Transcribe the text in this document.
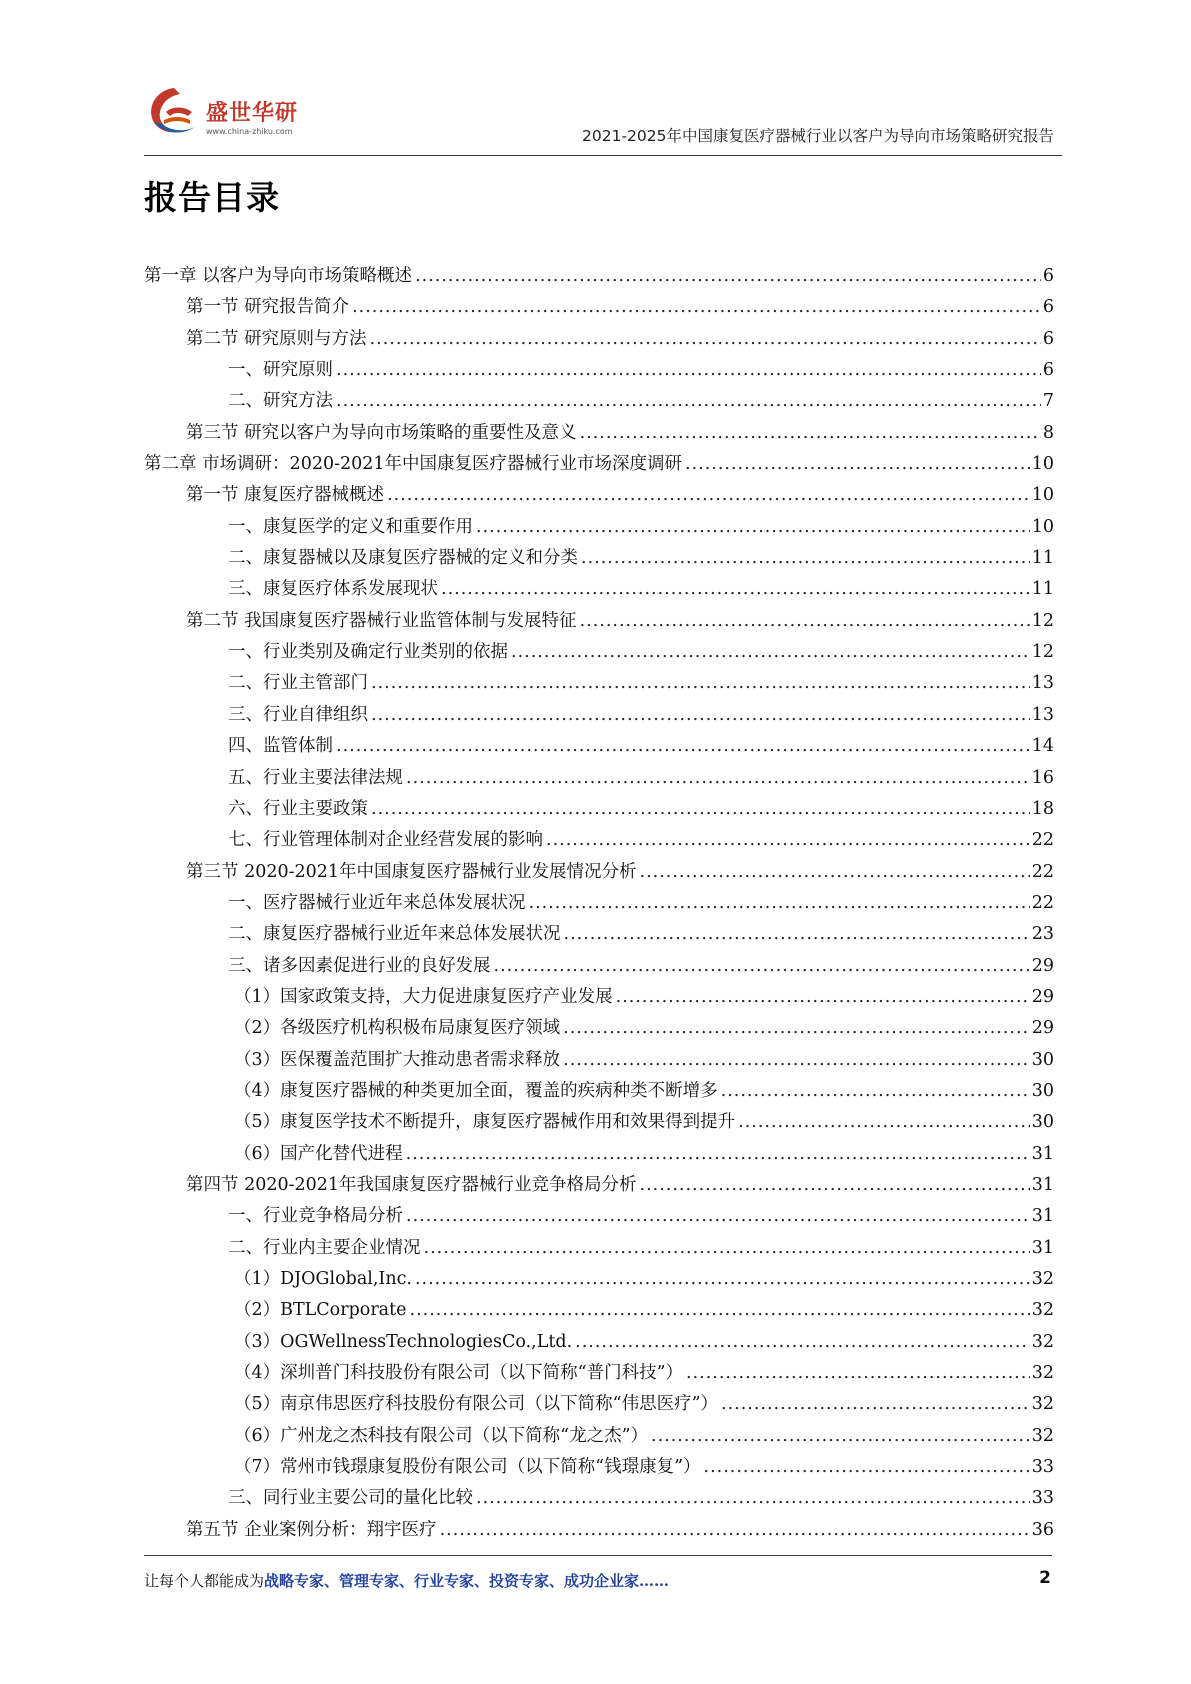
盛世华研
www.china-zhiku.com	2021-2025年中国康复医疗器械行业以客户为导向市场策略研究报告
报告目录
第一章 以客户为导向市场策略概述 .....	6
第一节 研究报告简介 .....	6
第二节 研究原则与方法 .....	6
一、研究原则 .....	6
二、研究方法 .....	7
第三节 研究以客户为导向市场策略的重要性及意义 .....	8
第二章 市场调研：2020-2021年中国康复医疗器械行业市场深度调研 .....	10
第一节 康复医疗器械概述 .....	10
一、康复医学的定义和重要作用 .....	10
二、康复器械以及康复医疗器械的定义和分类 .....	11
三、康复医疗体系发展现状 .....	11
第二节 我国康复医疗器械行业监管体制与发展特征 .....	12
一、行业类别及确定行业类别的依据 .....	12
二、行业主管部门 .....	13
三、行业自律组织 .....	13
四、监管体制 .....	14
五、行业主要法律法规 .....	16
六、行业主要政策 .....	18
七、行业管理体制对企业经营发展的影响 .....	22
第三节 2020-2021年中国康复医疗器械行业发展情况分析 .....	22
一、医疗器械行业近年来总体发展状况 .....	22
二、康复医疗器械行业近年来总体发展状况 .....	23
三、诸多因素促进行业的良好发展 .....	29
（1）国家政策支持，大力促进康复医疗产业发展 .....	29
（2）各级医疗机构积极布局康复医疗领域 .....	29
（3）医保覆盖范围扩大推动患者需求释放 .....	30
（4）康复医疗器械的种类更加全面，覆盖的疾病种类不断增多 .....	30
（5）康复医学技术不断提升，康复医疗器械作用和效果得到提升 .....	30
（6）国产化替代进程 .....	31
第四节 2020-2021年我国康复医疗器械行业竞争格局分析 .....	31
一、行业竞争格局分析 .....	31
二、行业内主要企业情况 .....	31
（1）DJOGlobal,Inc. .....	32
（2）BTLCorporate .....	32
（3）OGWellnessTechnologiesCo.,Ltd. .....	32
（4）深圳普门科技股份有限公司（以下简称“普门科技”） .....	32
（5）南京伟思医疗科技股份有限公司（以下简称“伟思医疗”） .....	32
（6）广州龙之杰科技有限公司（以下简称“龙之杰”） .....	32
（7）常州市钱璟康复股份有限公司（以下简称“钱璟康复”） .....	33
三、同行业主要公司的量化比较 .....	33
第五节 企业案例分析：翔宇医疗 .....	36
让每个人都能成为战略专家、管理专家、行业专家、投资专家、成功企业家……	2
